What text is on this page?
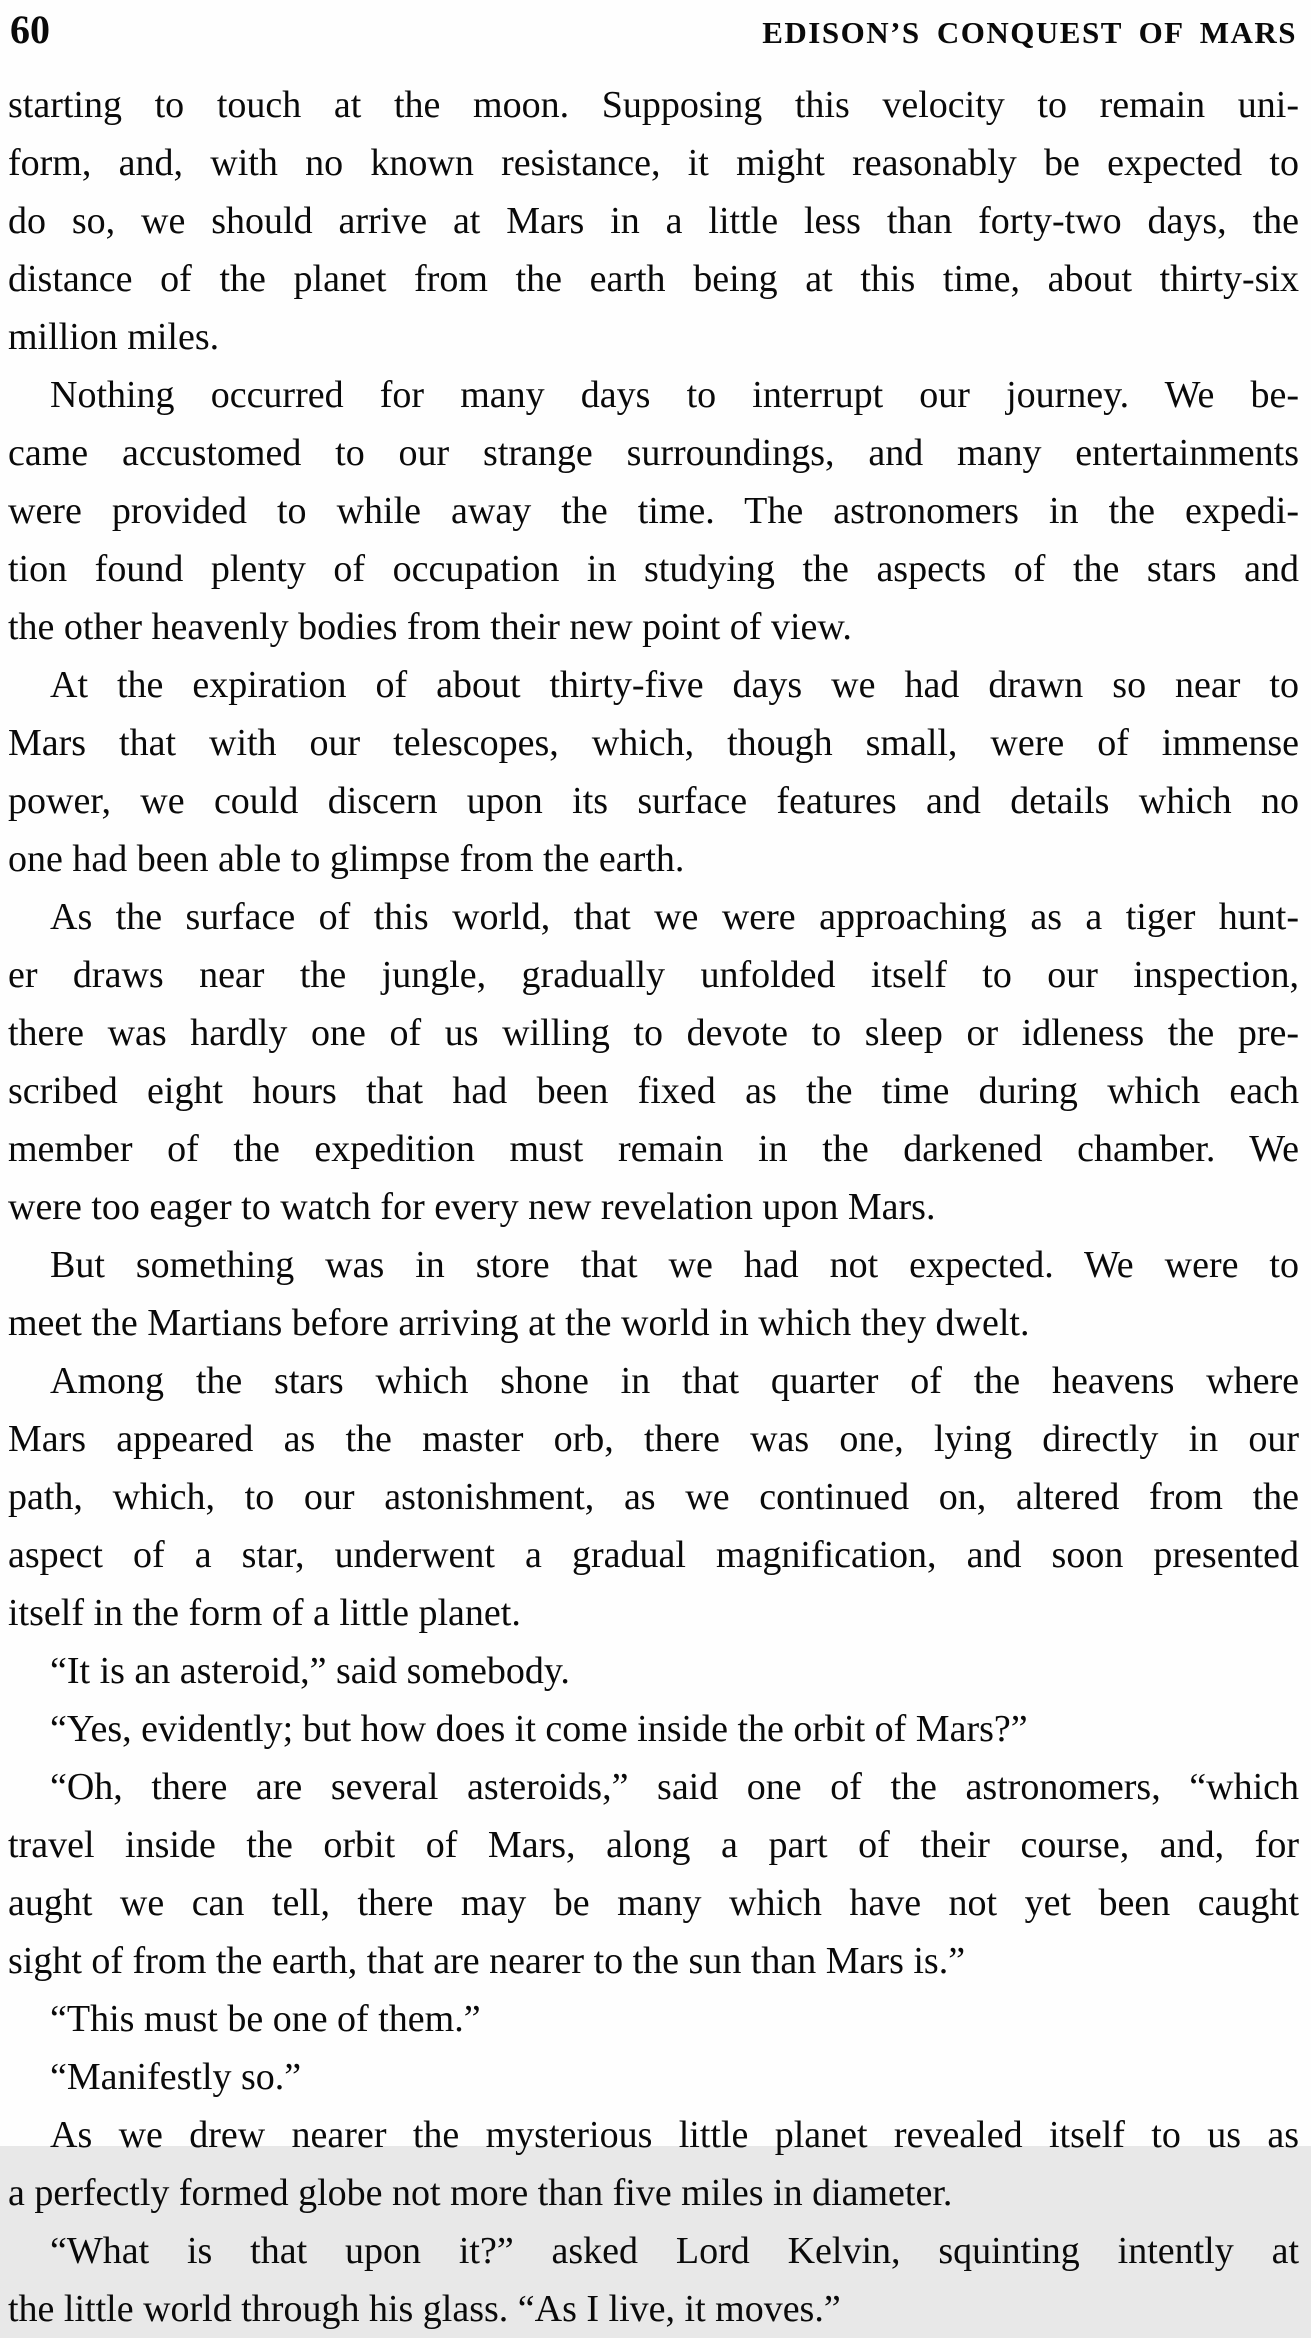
60	EDISON’S CONQUEST OF MARS
starting to touch at the moon. Supposing this velocity to remain uni-
form, and, with no known resistance, it might reasonably be expected to
do so, we should arrive at Mars in a little less than forty-two days, the
distance of the planet from the earth being at this time, about thirty-six
million miles.
Nothing occurred for many days to interrupt our journey. We be-
came accustomed to our strange surroundings, and many entertainments
were provided to while away the time. The astronomers in the expedi-
tion found plenty of occupation in studying the aspects of the stars and
the other heavenly bodies from their new point of view.
At the expiration of about thirty-five days we had drawn so near to
Mars that with our telescopes, which, though small, were of immense
power, we could discern upon its surface features and details which no
one had been able to glimpse from the earth.
As the surface of this world, that we were approaching as a tiger hunt-
er draws near the jungle, gradually unfolded itself to our inspection,
there was hardly one of us willing to devote to sleep or idleness the pre-
scribed eight hours that had been fixed as the time during which each
member of the expedition must remain in the darkened chamber. We
were too eager to watch for every new revelation upon Mars.
But something was in store that we had not expected. We were to
meet the Martians before arriving at the world in which they dwelt.
Among the stars which shone in that quarter of the heavens where
Mars appeared as the master orb, there was one, lying directly in our
path, which, to our astonishment, as we continued on, altered from the
aspect of a star, underwent a gradual magnification, and soon presented
itself in the form of a little planet.
“It is an asteroid,” said somebody.
“Yes, evidently; but how does it come inside the orbit of Mars?”
“Oh, there are several asteroids,” said one of the astronomers, “which
travel inside the orbit of Mars, along a part of their course, and, for
aught we can tell, there may be many which have not yet been caught
sight of from the earth, that are nearer to the sun than Mars is.”
“This must be one of them.”
“Manifestly so.”
As we drew nearer the mysterious little planet revealed itself to us as
a perfectly formed globe not more than five miles in diameter.
“What is that upon it?” asked Lord Kelvin, squinting intently at
the little world through his glass. “As I live, it moves.”
